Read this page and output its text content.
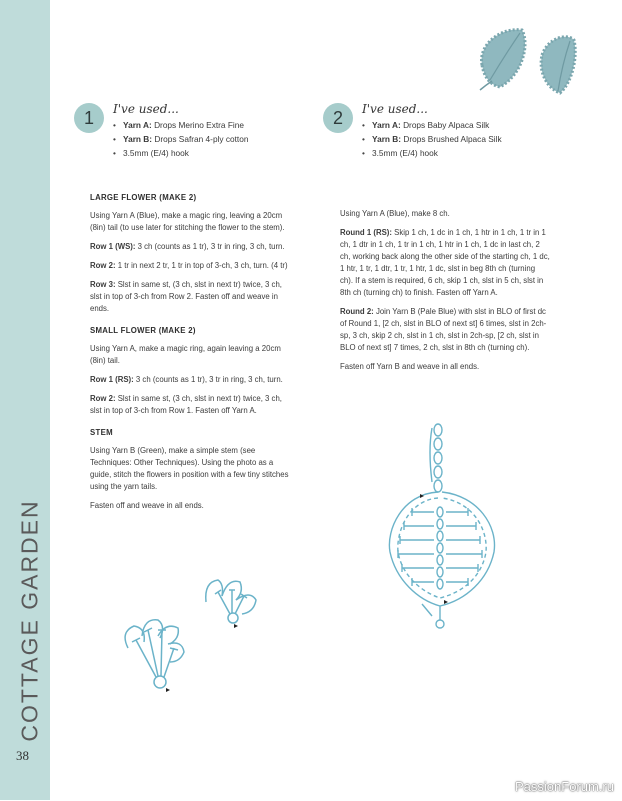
COTTAGE GARDEN
38
1	I've used...
• Yarn A: Drops Merino Extra Fine
• Yarn B: Drops Safran 4-ply cotton
• 3.5mm (E/4) hook
2	I've used...
• Yarn A: Drops Baby Alpaca Silk
• Yarn B: Drops Brushed Alpaca Silk
• 3.5mm (E/4) hook
LARGE FLOWER (MAKE 2)

Using Yarn A (Blue), make a magic ring, leaving a 20cm (8in) tail (to use later for stitching the flower to the stem).

Row 1 (WS): 3 ch (counts as 1 tr), 3 tr in ring, 3 ch, turn.

Row 2: 1 tr in next 2 tr, 1 tr in top of 3-ch, 3 ch, turn. (4 tr)

Row 3: Slst in same st, (3 ch, slst in next tr) twice, 3 ch, slst in top of 3-ch from Row 2. Fasten off and weave in ends.

SMALL FLOWER (MAKE 2)

Using Yarn A, make a magic ring, again leaving a 20cm (8in) tail.

Row 1 (RS): 3 ch (counts as 1 tr), 3 tr in ring, 3 ch, turn.

Row 2: Slst in same st, (3 ch, slst in next tr) twice, 3 ch, slst in top of 3-ch from Row 1. Fasten off Yarn A.

STEM

Using Yarn B (Green), make a simple stem (see Techniques: Other Techniques). Using the photo as a guide, stitch the flowers in position with a few tiny stitches using the yarn tails.

Fasten off and weave in all ends.

Using Yarn A (Blue), make 8 ch.

Round 1 (RS): Skip 1 ch, 1 dc in 1 ch, 1 htr in 1 ch, 1 tr in 1 ch, 1 dtr in 1 ch, 1 tr in 1 ch, 1 htr in 1 ch, 1 dc in last ch, 2 ch, working back along the other side of the starting ch, 1 dc, 1 htr, 1 tr, 1 dtr, 1 tr, 1 htr, 1 dc, slst in beg 8th ch (turning ch). If a stem is required, 6 ch, skip 1 ch, slst in 5 ch, slst in 8th ch (turning ch) to finish. Fasten off Yarn A.

Round 2: Join Yarn B (Pale Blue) with slst in BLO of first dc of Round 1, [2 ch, slst in BLO of next st] 6 times, slst in 2ch-sp, 3 ch, skip 2 ch, slst in 1 ch, slst in 2ch-sp, [2 ch, slst in BLO of next st] 7 times, 2 ch, slst in 8th ch (turning ch).

Fasten off Yarn B and weave in all ends.

PassionForum.ru
